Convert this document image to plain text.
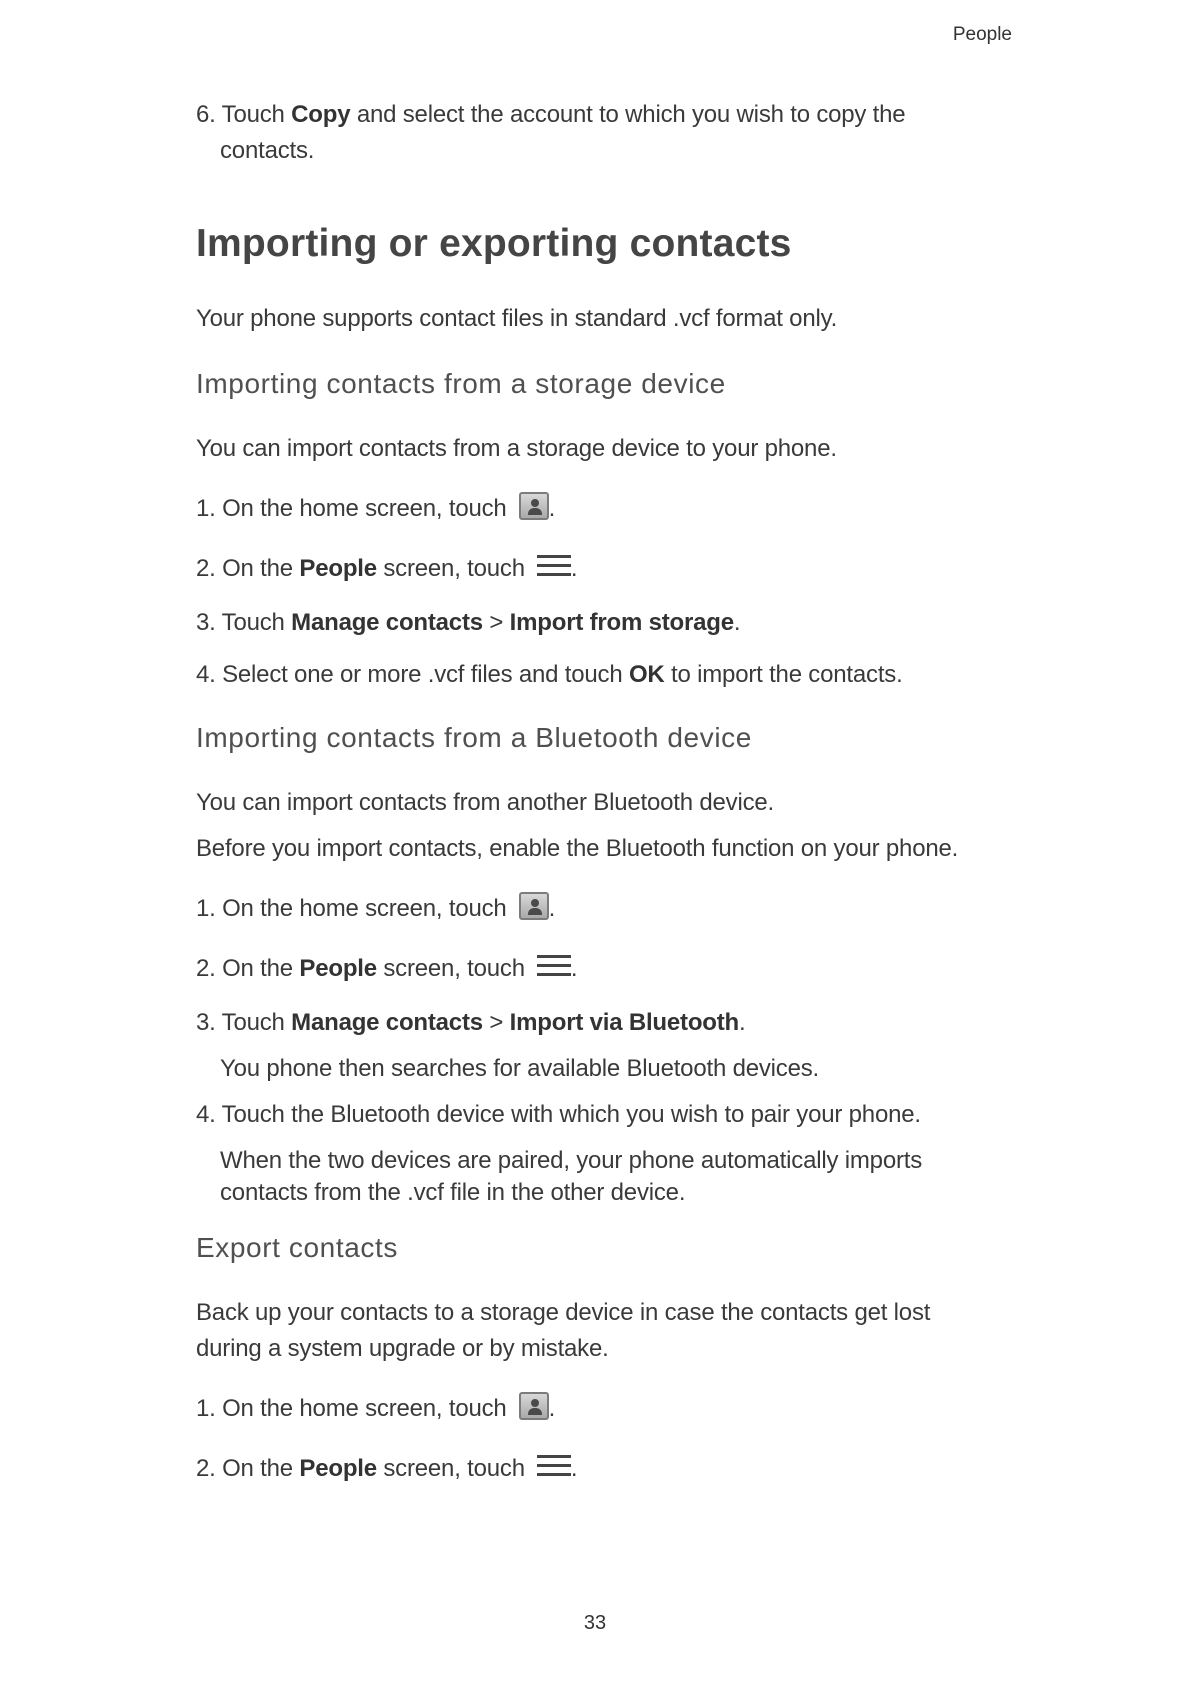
People
6. Touch Copy and select the account to which you wish to copy the
contacts.
Importing or exporting contacts
Your phone supports contact files in standard .vcf format only.
Importing contacts from a storage device
You can import contacts from a storage device to your phone.
1. On the home screen, touch .
2. On the People screen, touch .
3. Touch Manage contacts > Import from storage.
4. Select one or more .vcf files and touch OK to import the contacts.
Importing contacts from a Bluetooth device
You can import contacts from another Bluetooth device.
Before you import contacts, enable the Bluetooth function on your phone.
1. On the home screen, touch .
2. On the People screen, touch .
3. Touch Manage contacts > Import via Bluetooth.
You phone then searches for available Bluetooth devices.
4. Touch the Bluetooth device with which you wish to pair your phone.
When the two devices are paired, your phone automatically imports
contacts from the .vcf file in the other device.
Export contacts
Back up your contacts to a storage device in case the contacts get lost
during a system upgrade or by mistake.
1. On the home screen, touch .
2. On the People screen, touch .
33
